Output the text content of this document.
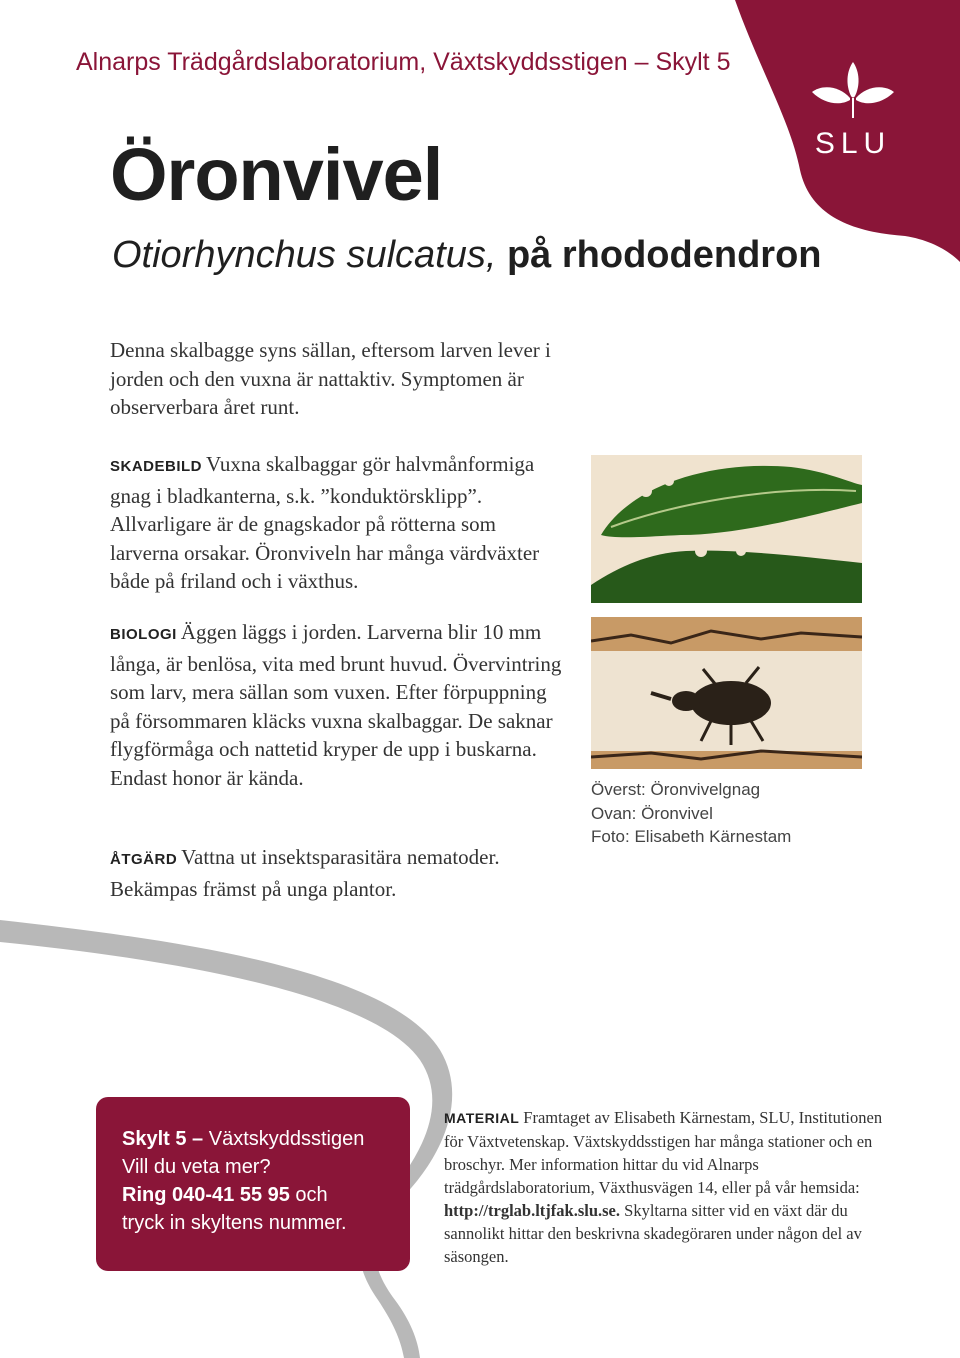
SLU
Alnarps Trädgårdslaboratorium, Växtskyddsstigen – Skylt 5
Öronvivel
Otiorhynchus sulcatus, på rhododendron

Denna skalbagge syns sällan, eftersom larven lever i jorden och den vuxna är nattaktiv. Symptomen är observerbara året runt.

SKADEBILD Vuxna skalbaggar gör halvmånformiga gnag i bladkanterna, s.k. ”konduktörsklipp”. Allvarligare är de gnagskador på rötterna som larverna orsakar. Öronviveln har många värdväxter både på friland och i växthus.

BIOLOGI Äggen läggs i jorden. Larverna blir 10 mm långa, är benlösa, vita med brunt huvud. Övervintring som larv, mera sällan som vuxen. Efter förpuppning på försommaren kläcks vuxna skalbaggar. De saknar flygförmåga och nattetid kryper de upp i buskarna. Endast honor är kända.

ÅTGÄRD Vattna ut insektsparasitära nematoder. Bekämpas främst på unga plantor.

Överst: Öronvivelgnag
Ovan: Öronvivel
Foto: Elisabeth Kärnestam
Skylt 5 – Växtskyddsstigen
Vill du veta mer?
Ring 040-41 55 95 och
tryck in skyltens nummer.
MATERIAL Framtaget av Elisabeth Kärnestam, SLU, Institutionen för Växtvetenskap. Växtskyddsstigen har många stationer och en broschyr. Mer information hittar du vid Alnarps trädgårdslaboratorium, Växthusvägen 14, eller på vår hemsida: http://trglab.ltjfak.slu.se. Skyltarna sitter vid en växt där du sannolikt hittar den beskrivna skadegöraren under någon del av säsongen.
